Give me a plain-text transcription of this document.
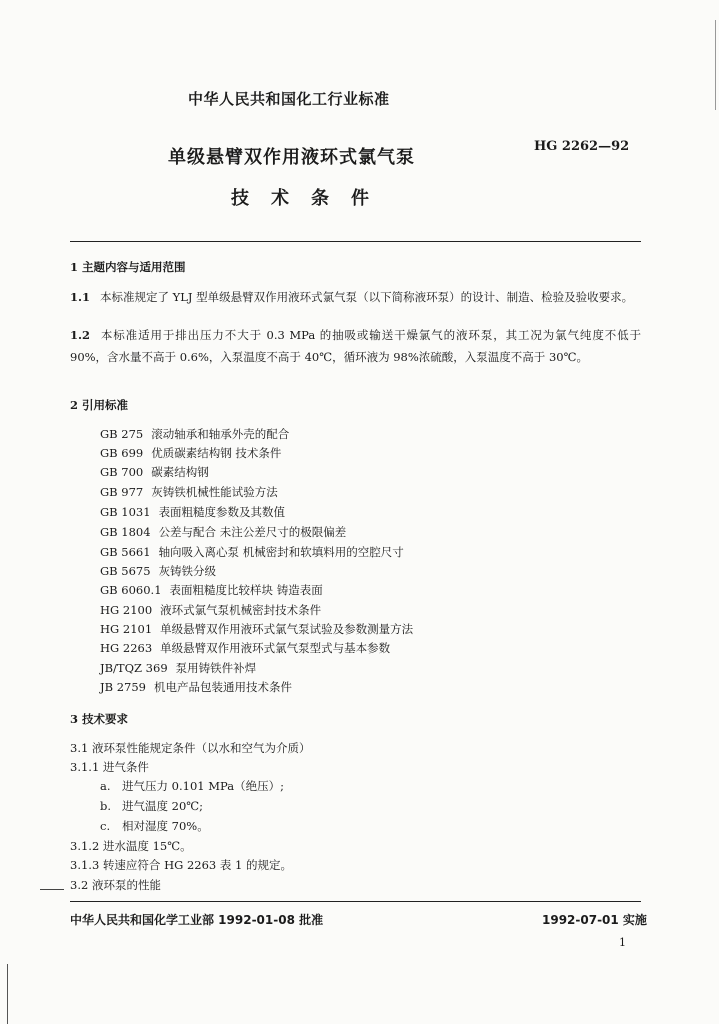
中华人民共和国化工行业标准
单级悬臂双作用液环式氯气泵
HG 2262—92
技术条件
1 主题内容与适用范围
1.1 本标准规定了 YLJ 型单级悬臂双作用液环式氯气泵（以下简称液环泵）的设计、制造、检验及验收要求。
1.2 本标准适用于排出压力不大于 0.3 MPa 的抽吸或输送干燥氯气的液环泵，其工况为氯气纯度不低于 90%，含水量不高于 0.6%，入泵温度不高于 40℃，循环液为 98%浓硫酸，入泵温度不高于 30℃。
2 引用标准
GB 275 滚动轴承和轴承外壳的配合
GB 699 优质碳素结构钢 技术条件
GB 700 碳素结构钢
GB 977 灰铸铁机械性能试验方法
GB 1031 表面粗糙度参数及其数值
GB 1804 公差与配合 未注公差尺寸的极限偏差
GB 5661 轴向吸入离心泵 机械密封和软填料用的空腔尺寸
GB 5675 灰铸铁分级
GB 6060.1 表面粗糙度比较样块 铸造表面
HG 2100 液环式氯气泵机械密封技术条件
HG 2101 单级悬臂双作用液环式氯气泵试验及参数测量方法
HG 2263 单级悬臂双作用液环式氯气泵型式与基本参数
JB/TQZ 369 泵用铸铁件补焊
JB 2759 机电产品包装通用技术条件
3 技术要求
3.1 液环泵性能规定条件（以水和空气为介质）
3.1.1 进气条件
a. 进气压力 0.101 MPa（绝压）;
b. 进气温度 20℃;
c. 相对湿度 70%。
3.1.2 进水温度 15℃。
3.1.3 转速应符合 HG 2263 表 1 的规定。
3.2 液环泵的性能
中华人民共和国化学工业部 1992-01-08 批准	1992-07-01 实施
1
